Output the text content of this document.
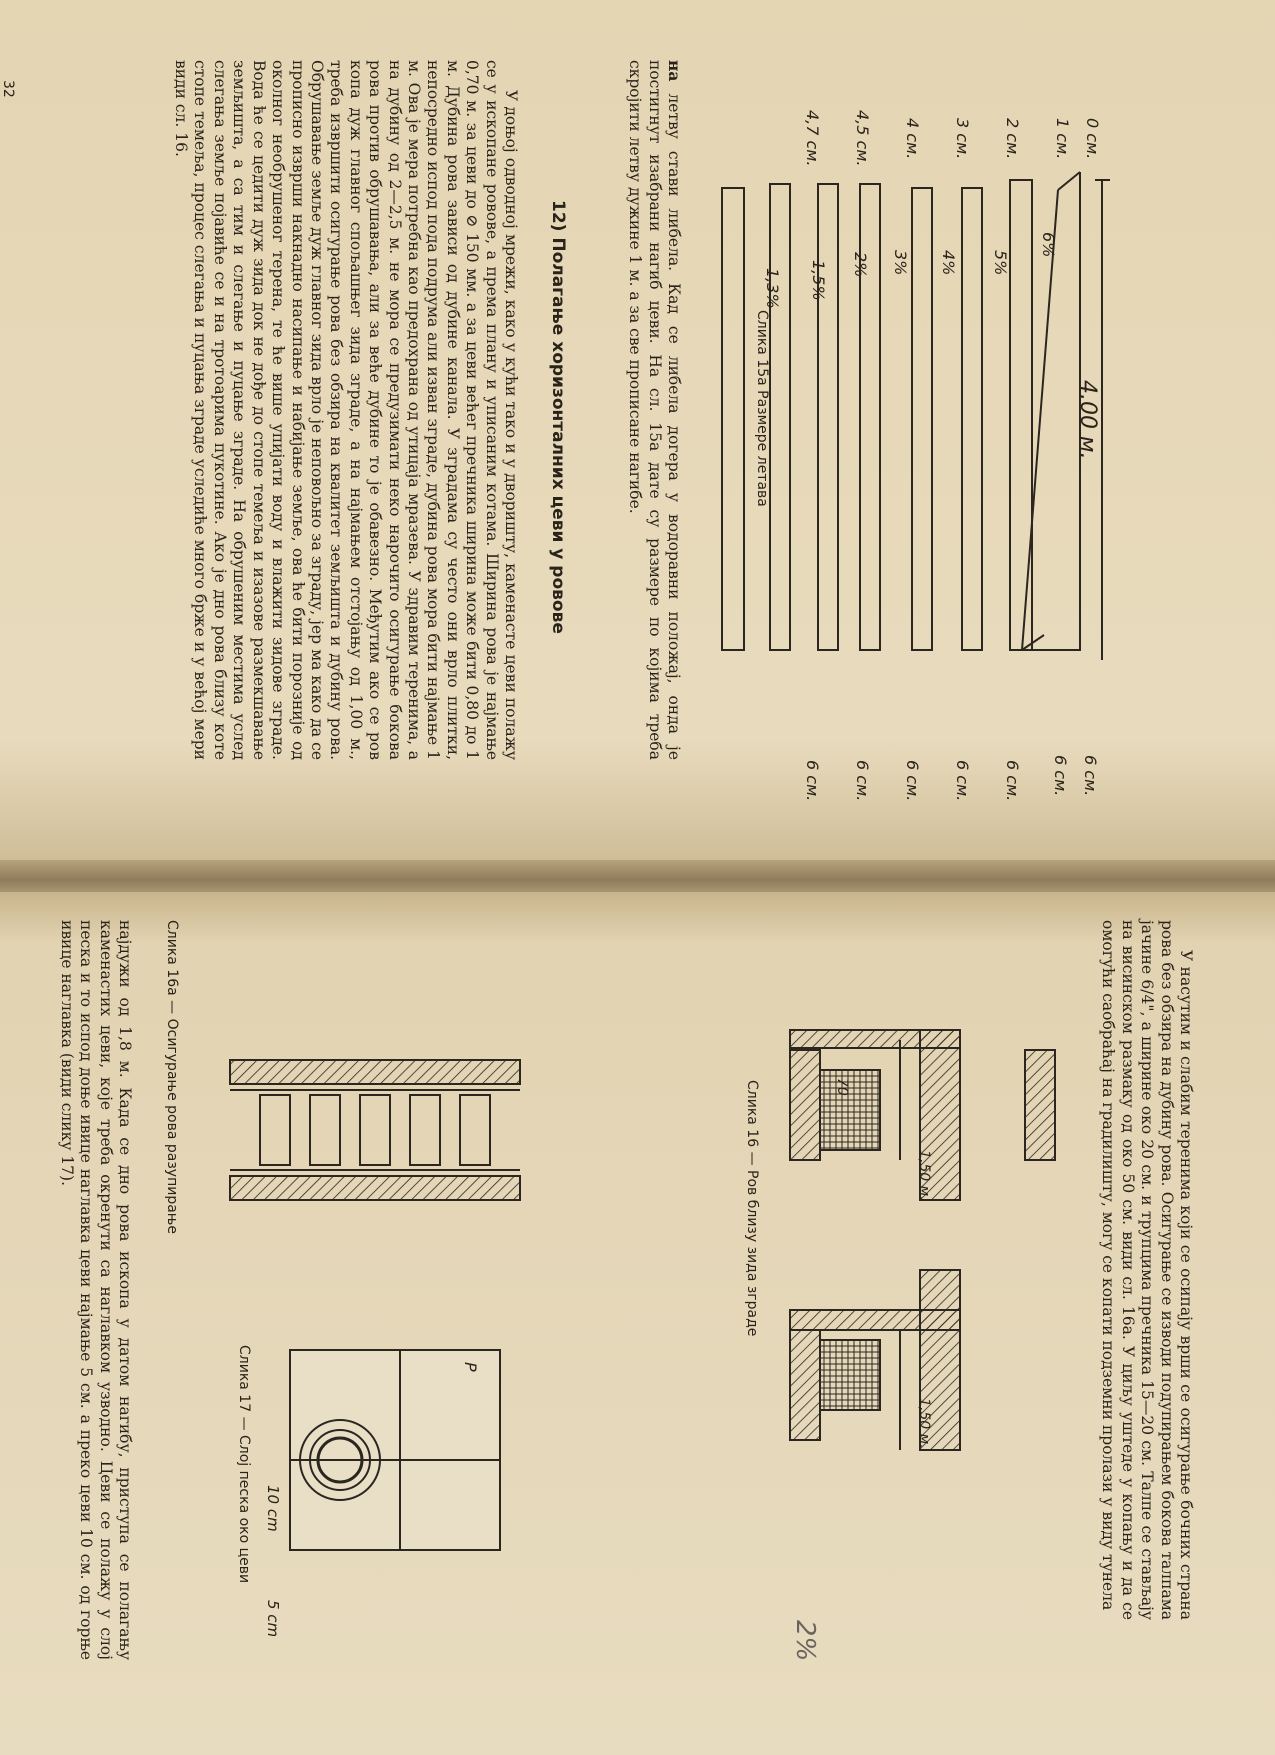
4.00 м.
0 см.
1 см.
2 см.
3 см.
4 см.
4,5 см.
4,7 см.
6%
5%
4%
3%
2%
1,5%
1,3%
6 см.
6 см.
6 см.
6 см.
6 см.
6 см.
6 см.
Слика 15а Размере летава

на летву стави либела. Кад се либела догера у водоравни положај, онда је постигнут изабрани нагиб цеви. На сл. 15а дате су размере по којима треба скројити летву дужине 1 м. а за све прописане нагибе.

12) Полагање хоризонталних цеви у ровове
У доњој одводној мрежи, како у кући тако и у дворишту, каменасте цеви полажу се у ископане ровове, а према плану и уписаним котама. Ширина рова је најмање 0,70 м. за цеви до ⊘ 150 мм. а за цеви већег пречника ширина може бити 0,80 до 1 м. Дубина рова зависи од дубине канала. У зградама су често они врло плитки, непосредно испод пода подрума али изван зграде, дубина рова мора бити најмање 1 м. Ова је мера потребна као предохрана од утицаја мразева. У здравим теренима, а на дубину од 2—2,5 м. не мора се предузимати неко нарочито осигурање бокова рова против обрушавања, али за веће дубине то је обавезно. Међутим ако се ров копа дуж главног спољашњег зида зграде, а на најмањем отстојању од 1,00 м., треба извршити осигурање рова без обзира на квалитет земљишта и дубину рова. Обрушавање земље дуж главног зида врло је неповољно за зграду, јер ма како да се прописно изврши накнадно насипање и набијање земље, ова ће бити порозније од околног необрушеног терена, те ће више упијати воду и влажити зидове зграде. Вода ће се цедити дуж зида док не дође до стопе темеља и изазове размекшавање земљишта, а са тим и слегање и пуцање зграде. На обрушеним местима услед слегања земље појавиће се и на тротоарима пукотине. Ако је дно рова близу коте стопе темеља, процес слегања и пуцања зграде уследиће много брже и у већој мери види сл. 16.
32
У насутим и слабим теренима који се осипају врши се осигурање бочних страна рова без обзира на дубину рова. Осигурање се изводи подупирањем бокова талпама јачине 6/4", а ширине око 20 см. и трупцима пречника 15—20 см. Талпе се стављају на висинском размаку од око 50 см. види сл. 16а. У циљу уштеде у копању и да се омогући саобраћај на градилишту, могу се копати подземни пролази у виду тунела
1,50 м.
1,50 м.
70
Слика 16 — Ров близу зида зграде
Слика 16а — Осигурање рова разупирање
P
5 cm
10 cm
Слика 17 — Слој песка око цеви
најдужи од 1,8 м. Када се дно рова ископа у датом нагибу, приступа се полагању каменастих цеви, које треба окренути са наглавком узводно. Цеви се полажу у слој песка и то испод доње ивице наглавка цеви најмање 5 см. а преко цеви 10 см. од горње ивице наглавка (види слику 17).
2%
